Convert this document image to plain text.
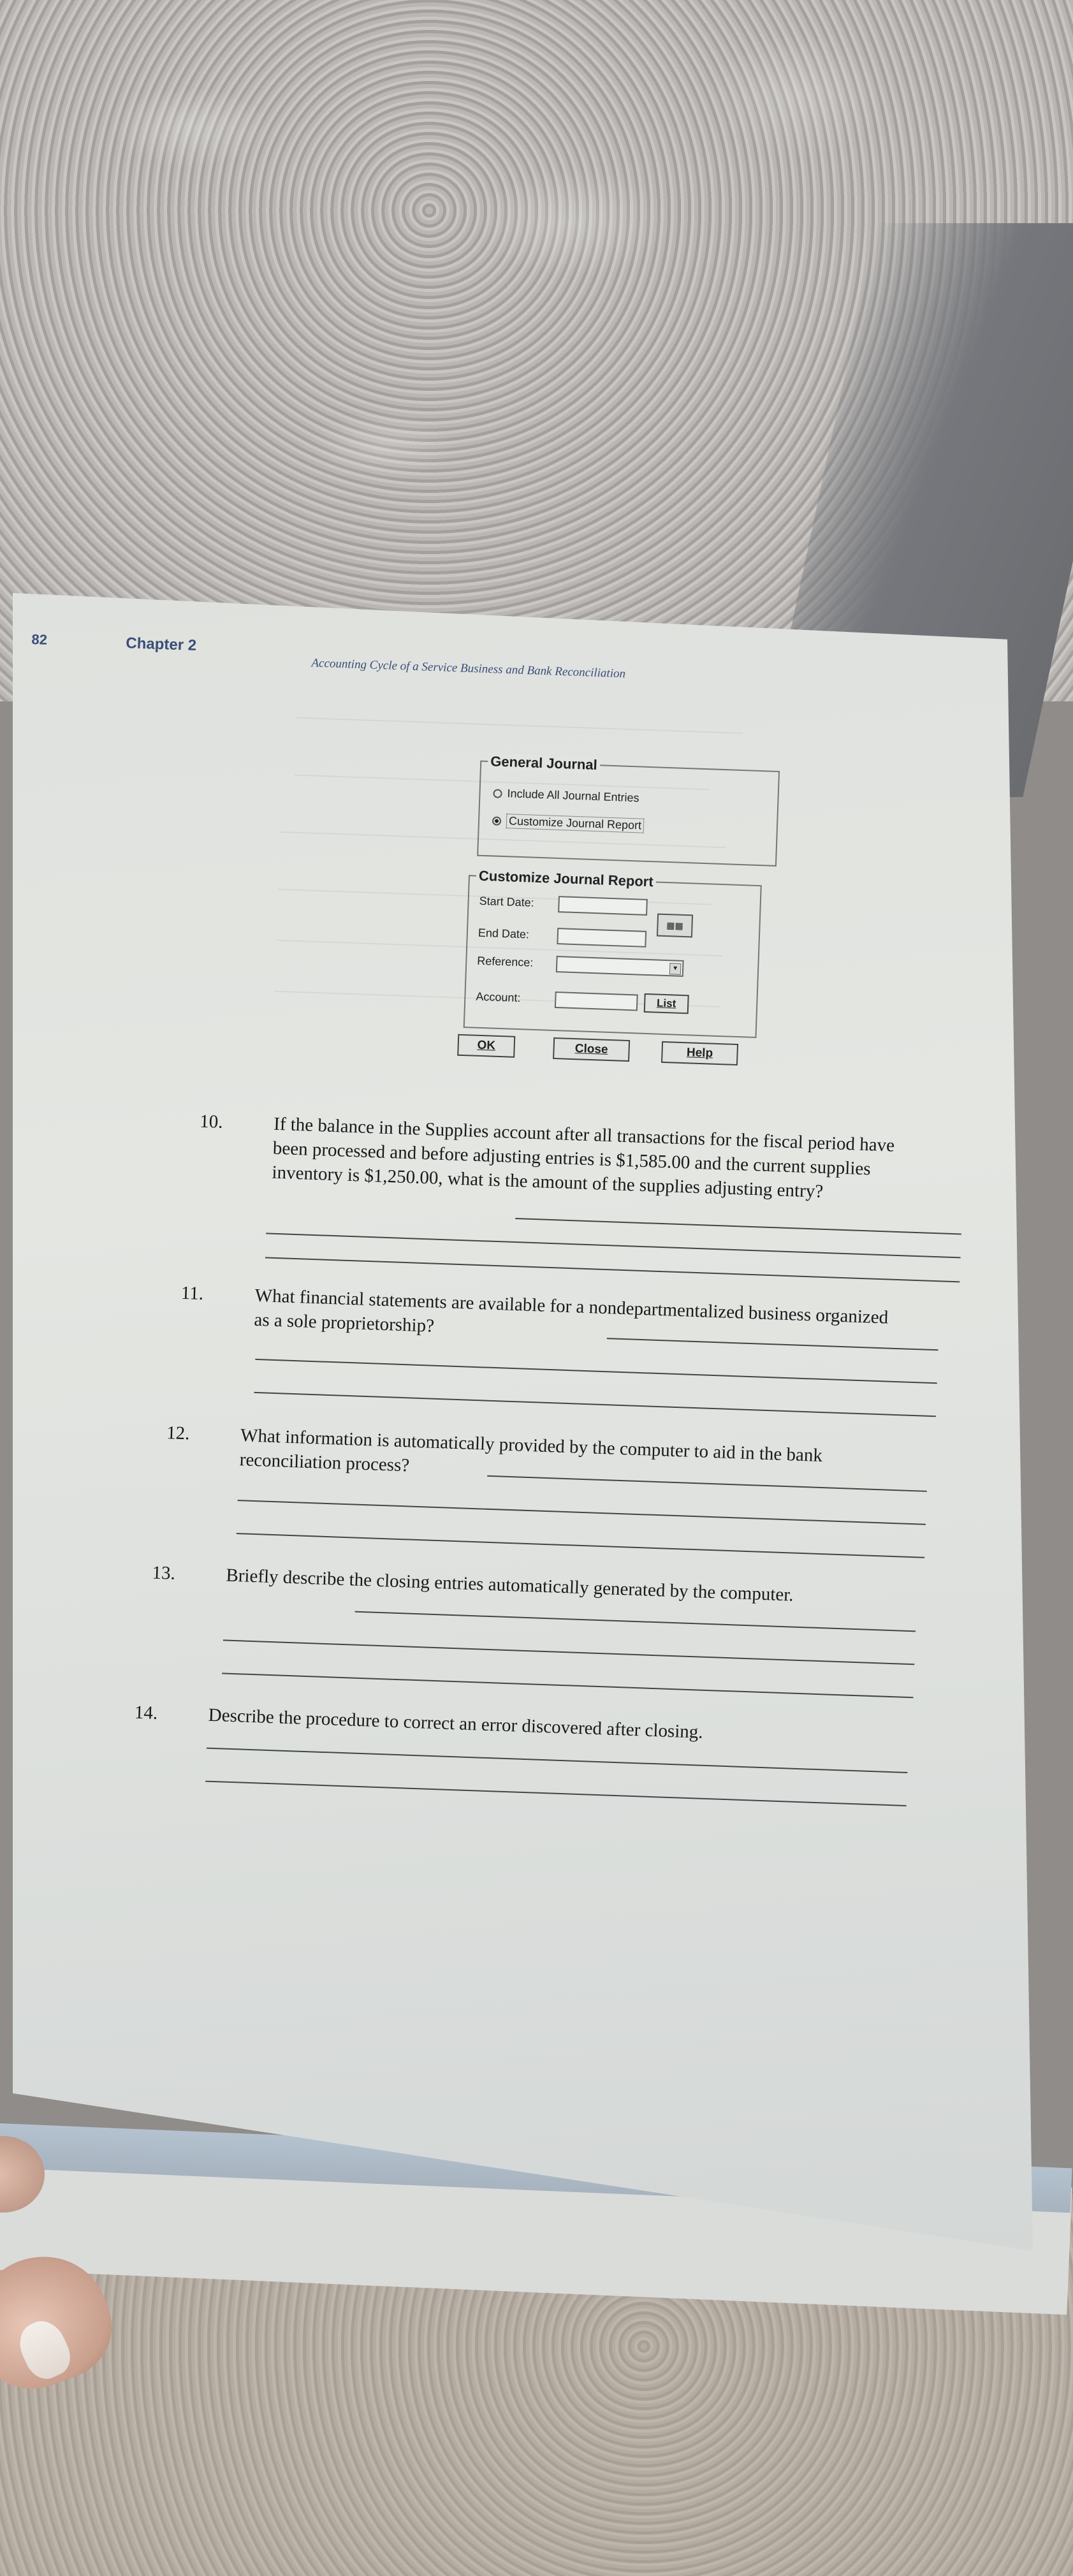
82	Chapter 2
Accounting Cycle of a Service Business and Bank Reconciliation
General Journal
Include All Journal Entries
Customize Journal Report
Customize Journal Report
Start Date:
End Date:
▦▦
Reference:	▼
Account:	List
OK	Close	Help
10.	If the balance in the Supplies account after all transactions for the fiscal period have been processed and before adjusting entries is $1,585.00 and the current supplies inventory is $1,250.00, what is the amount of the supplies adjusting entry?
11.	What financial statements are available for a nondepartmentalized business organized as a sole proprietorship?
12.	What information is automatically provided by the computer to aid in the bank reconciliation process?
13.	Briefly describe the closing entries automatically generated by the computer.
14.	Describe the procedure to correct an error discovered after closing.
